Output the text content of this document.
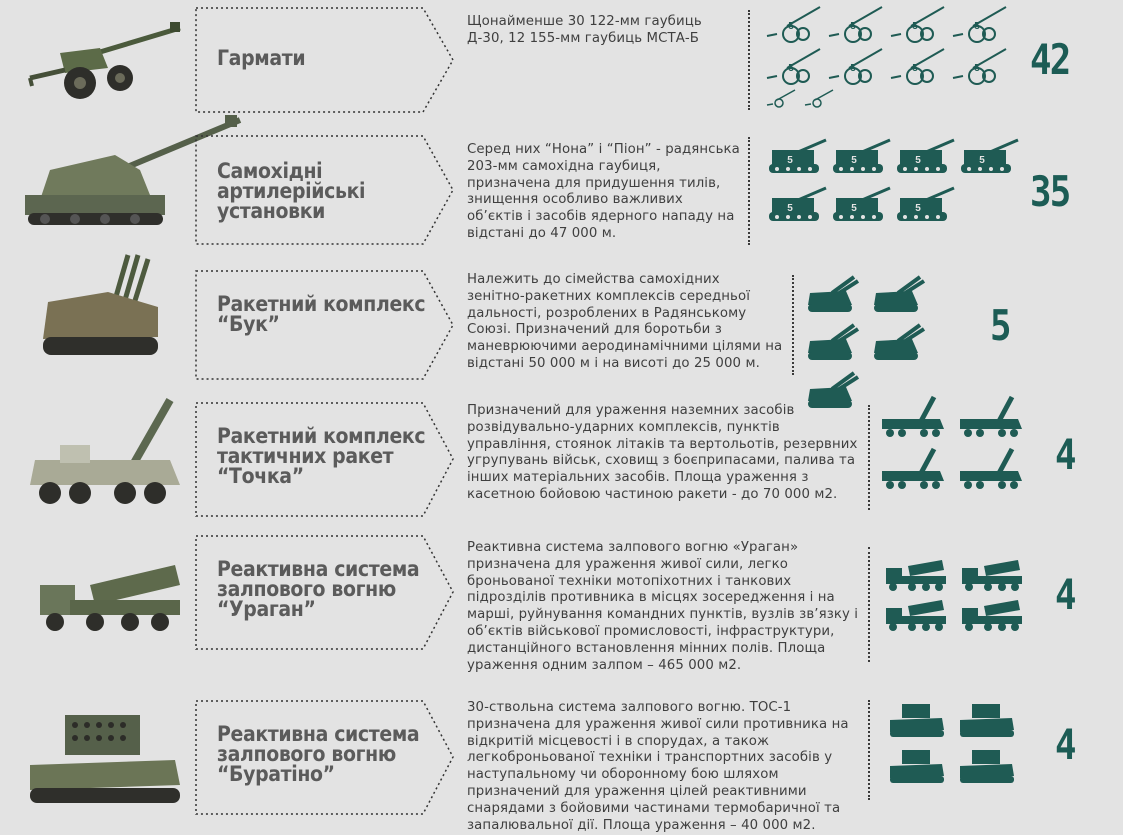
Гармати
Щонайменше 30 122-мм гаубиць
Д-30, 12 155-мм гаубиць МСТА-Б
5	5	5	5
5	5	5	5 42
Самохідні
артилерійські
установки
Серед них “Нона” і “Піон” - радянська
203-мм самохідна гаубиця,
призначена для придушення тилів,
знищення особливо важливих
об’єктів і засобів ядерного нападу на
відстані до 47 000 м.
5	5	5	5
5	5	5	35
Ракетний комплекс
“Бук”
Належить до сімейства самохідних
зенітно-ракетних комплексів середньої
дальності, розроблених в Радянському
Союзі. Призначений для боротьби з
маневрюючими аеродинамічними цілями на
відстані 50 000 м і на висоті до 25 000 м.
5
Ракетний комплекс
тактичних ракет
“Точка”
Призначений для ураження наземних засобів
розвідувально-ударних комплексів, пунктів
управління, стоянок літаків та вертольотів, резервних
угрупувань військ, сховищ з боєприпасами, палива та
інших матеріальних засобів. Площа ураження з
касетною бойовою частиною ракети - до 70 000 м2.
4
Реактивна система
залпового вогню
“Ураган”
Реактивна система залпового вогню «Ураган»
призначена для ураження живої сили, легко
броньованої техніки мотопіхотних і танкових
підрозділів противника в місцях зосередження і на
марші, руйнування командних пунктів, вузлів зв’язку і
об’єктів військової промисловості, інфраструктури,
дистанційного встановлення мінних полів. Площа
ураження одним залпом – 465 000 м2.
4
Реактивна система
залпового вогню
“Буратіно”
30-ствольна система залпового вогню. ТОС-1
призначена для ураження живої сили противника на
відкритій місцевості і в спорудах, а також
легкоброньованої техніки і транспортних засобів у
наступальному чи оборонному бою шляхом
призначений для ураження цілей реактивними
снарядами з бойовими частинами термобаричної та
запалювальної дії. Площа ураження – 40 000 м2.
4
